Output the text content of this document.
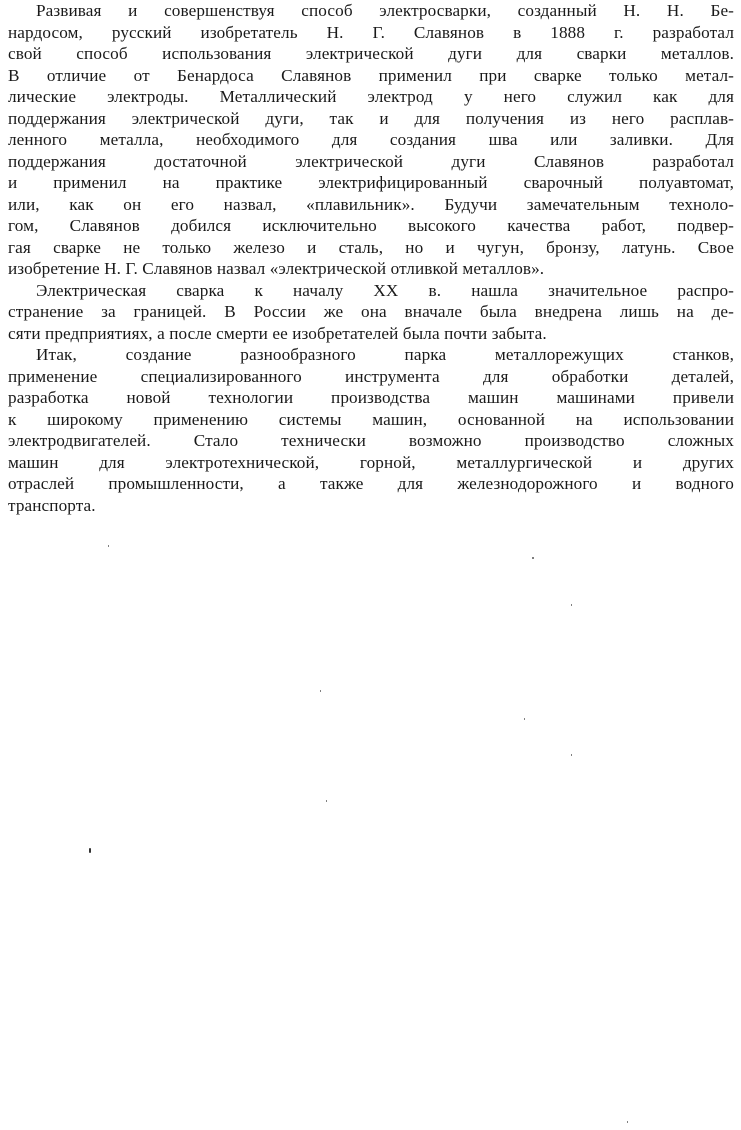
Развивая и совершенствуя способ электросварки, созданный Н. Н. Бе-
нардосом, русский изобретатель Н. Г. Славянов в 1888 г. разработал
свой способ использования электрической дуги для сварки металлов.
В отличие от Бенардоса Славянов применил при сварке только метал-
лические электроды. Металлический электрод у него служил как для
поддержания электрической дуги, так и для получения из него расплав-
ленного металла, необходимого для создания шва или заливки. Для
поддержания достаточной электрической дуги Славянов разработал
и применил на практике электрифицированный сварочный полуавтомат,
или, как он его назвал, «плавильник». Будучи замечательным техноло-
гом, Славянов добился исключительно высокого качества работ, подвер-
гая сварке не только железо и сталь, но и чугун, бронзу, латунь. Свое
изобретение Н. Г. Славянов назвал «электрической отливкой металлов».
Электрическая сварка к началу XX в. нашла значительное распро-
странение за границей. В России же она вначале была внедрена лишь на де-
сяти предприятиях, а после смерти ее изобретателей была почти забыта.
Итак, создание разнообразного парка металлорежущих станков,
применение специализированного инструмента для обработки деталей,
разработка новой технологии производства машин машинами привели
к широкому применению системы машин, основанной на использовании
электродвигателей. Стало технически возможно производство сложных
машин для электротехнической, горной, металлургической и других
отраслей промышленности, а также для железнодорожного и водного
транспорта.
